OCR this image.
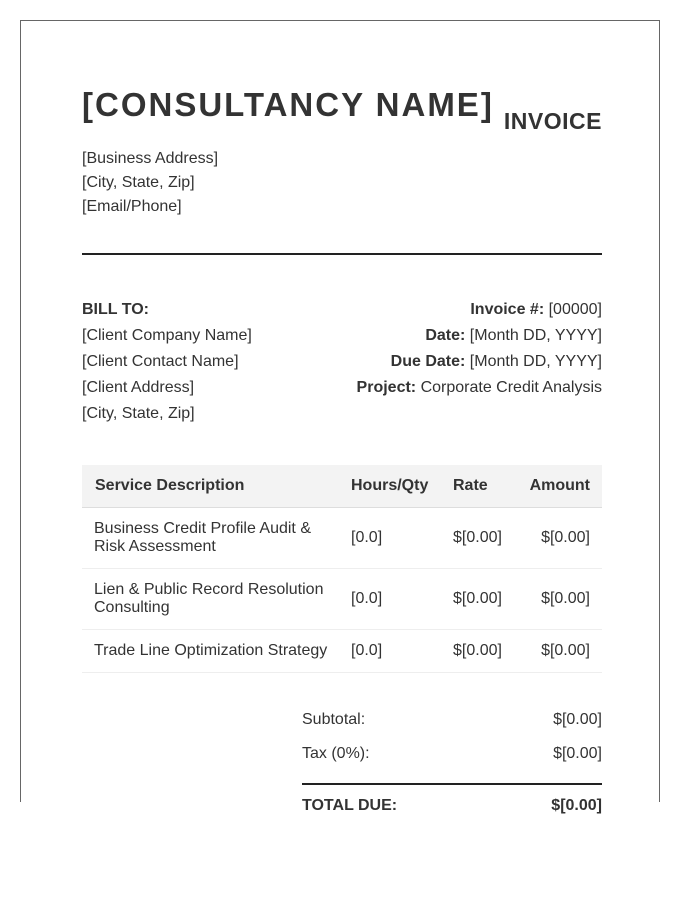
[CONSULTANCY NAME] INVOICE
[Business Address]
[City, State, Zip]
[Email/Phone]
BILL TO:
[Client Company Name]
[Client Contact Name]
[Client Address]
[City, State, Zip]
Invoice #: [00000]
Date: [Month DD, YYYY]
Due Date: [Month DD, YYYY]
Project: Corporate Credit Analysis
Service Description	Hours/Qty	Rate	Amount
Business Credit Profile Audit & Risk Assessment	[0.0]	$[0.00]	$[0.00]
Lien & Public Record Resolution Consulting	[0.0]	$[0.00]	$[0.00]
Trade Line Optimization Strategy	[0.0]	$[0.00]	$[0.00]
Subtotal:	$[0.00]
Tax (0%):	$[0.00]
TOTAL DUE:	$[0.00]
